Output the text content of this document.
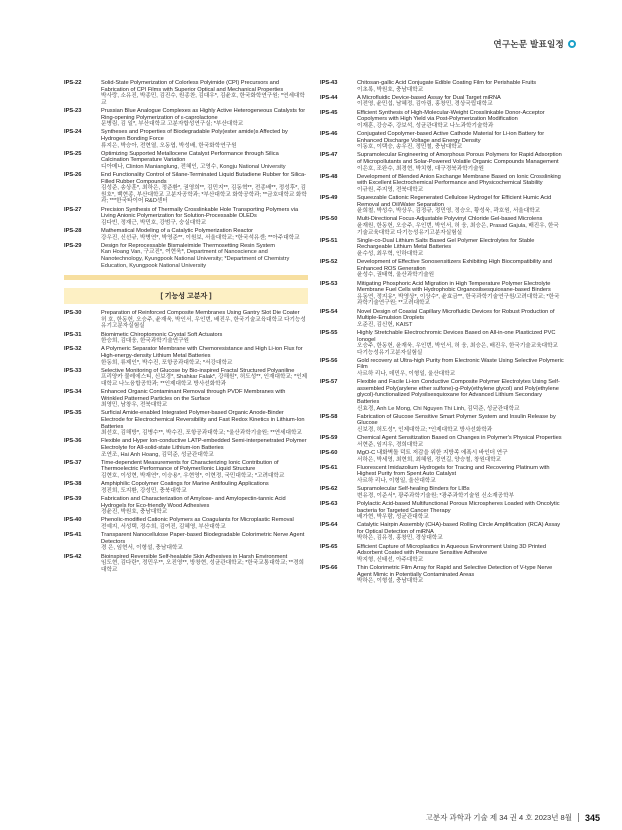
연구논문 발표일정
IPS-22	Solid-State Polymerization of Colorless Polyimide (CPI) Precursors and Fabrication of CPI Films with Superior Optical and Mechanical Properties
박사랑, 소유진, 박종민, 김진수, 원종찬, 김대우*, 김윤호, 한국화학연구원; *연세대학교
IPS-23	Prussian Blue Analogue Complexes as Highly Active Heterogeneous Catalysts for Ring-opening Polymerization of ε-caprolactone
문병림, 김 일*, 부산대학교 고분자합성연구실; *부산대학교
IPS-24	Syntheses and Properties of Biodegradable Poly(ester amide)s Affected by Hydrogen Bonding Force
류지은, 박승아, 전현열, 오동엽, 박성배, 한국화학연구원
IPS-25	Optimizing Supported Metallocene Catalyst Performance through Silica Calcination Temperature Variation
디아메나, Clinton Manianglung, 전혜인, 고영수, Kongju National University
IPS-26	End Functionality Control of Silane-Terminated Liquid Butadiene Rubber for Silica-Filled Rubber Compounds
김성준, 송상훈*, 최하은, 정준환*, 권영희**, 김민지**, 김동혁**, 전종배**, 정성후*, 김원호*, 백현종, 부산대학교 고분자공학과; *부산대학교 화학공학과; **금호대학교 화학과; ***한국타이어 R&D센터
IPS-27	Precision Synthesis of Thermally Crosslinkable Hole Transporting Polymers via Living Anionic Polymerization for Solution-Processable OLEDs
김다빈, 정재근, 박민호, 강범구, 숭실대학교
IPS-28	Mathematical Modeling of a Catalytic Polymerization Reactor
강우진, 신선규, 박병연*, 박영준**, 이원보, 서울대학교; *한국석유센; **아주대학교
IPS-29	Design for Reprocessable Bismaleimide Thermosetting Resin System
Kan Hoang Van, 구교진*, 여현욱*, Department of Nanoscience and Nanotechnology, Kyungpook National University; *Department of Chemistry Education, Kyungpook National University
[ 기능성 고분자 ]
IPS-30	Preparation of Reinforced Composite Membranes Using Gantry Slot Die Coater
허 호, 한동헌, 오승주, 윤재욱, 박인서, 우인번, 배진우, 한국기술교육대학교 다기능성유기고분자실험실
IPS-31	Biomimetic Chiroptomonic Crystal Soft Actuators
한승희, 김대웅, 한국과학기술연구원
IPS-32	A Polymeric Separator Membrane with Chemoresistance and High Li-ion Flux for High-energy-density Lithium Metal Batteries
한동희, 류제인*, 박수진, 포항공과대학교; *서강대학교
IPS-33	Selective Monitoring of Glucose by Bio-inspired Fractal Structured Polyaniline
프리양카 물레에스티, 신보경*, Shahkar Falak*, 강해원*, 허도성**, 인재대학교; *인제대학교 나노융합공학과; **인제대학교 방사선화학과
IPS-34	Enhanced Organic Contaminant Removal through PVDF Membranes with Wrinkled Patterned Particles on the Surface
최영민, 남창우, 전북대학교
IPS-35	Surficial Amide-enabled Integrated Polymer-based Organic Anode-Binder Electrode for Electrochemical Reversibility and Fast Redox Kinetics in Lithium-Ion Batteries
최선호, 김해방*, 김병수**, 박수진, 포항공과대학교; *울산과학기술원; **연세대학교
IPS-36	Flexible and Hyper Ion-conductive LATP-embedded Semi-interpenetrated Polymer Electrolyte for All-solid-state Lithium-ion Batteries
조연조, Hai Anh Hoang, 김덕준, 성균관대학교
IPS-37	Time-dependent Measurements for Characterizing Ionic Contribution of Thermoelectric Performance of Polymer/Ionic Liquid Structure
김현호, 이성현, 박재연*, 이승용*, 우현영*, 이현정, 국민대학교; *고려대학교
IPS-38	Amphiphilic Copolymer Coatings for Marine Antifouling Applications
정진희, 도지환, 강성민, 충북대학교
IPS-39	Fabrication and Characterization of Amylose- and Amylopectin-tannic Acid Hydrogels for Eco-friendly Wood Adhesives
정윤진, 박원호, 충남대학교
IPS-40	Phenolic-modified Cationic Polymers as Coagulants for Microplastic Removal
전예지, 서성택, 정수희, 김여진, 김혜영, 부산대학교
IPS-41	Transparent Nanocellulose Paper-based Biodegradable Colorimetric Nerve Agent Detectors
경 은, 임현서, 이형설, 충남대학교
IPS-42	Bioinspired Reversible Self-healable Skin Adhesives in Harsh Environment
임도현, 김다란*, 정민우**, 오진영**, 방창현, 성균관대학교; *한국교통대학교; **경희대학교
IPS-43	Chitosan-gallic Acid Conjugate Edible Coating Film for Perishable Fruits
이초록, 박원호, 충남대학교
IPS-44	A Microfluidic Device-based Assay for Dual Target miRNA
이전영, 윤민섭, 남혜정, 김아림, 홍창민, 경상국립대학교
IPS-45	Efficient Synthesis of High-Molecular-Weight Crosslinkable Donor-Acceptor Copolymers with High Yield via Post-Polymerization Modification
이재훈, 강승주, 강보석, 성균관대학교 나노과학기술학과
IPS-46	Conjugated Copolymer-based Active Cathode Material for Li-ion Battery for Enhanced Discharge Voltage and Energy Density
이동호, 이택승, 송우진, 정민철, 충남대학교
IPS-47	Supramolecular Engineering of Amorphous Porous Polymers for Rapid Adsorption of Micropollutants and Solar-Powered Volatile Organic Compounds Management
이은호, 조완수, 최경현, 박치형, 대구경북과학기술원
IPS-48	Development of Blended Anion Exchange Membrane Based on Ionic Crosslinking with Excellent Electrochemical Performance and Physicochemical Stability
이규원, 주지영, 전북대학교
IPS-49	Squeezable Cationic Regenerated Cellulose Hydrogel for Efficient Humic Acid Removal and Oil/Water Separation
윤희철, 박성수, 박상우, 김정규, 정민영, 정승오, 황성욱, 곽호원, 서울대학교
IPS-50	Multi-Directional Focus-Adjustable Polyvinyl Chloride Gel-based Microlens
윤재원, 한동헌, 오승주, 우인번, 박인서, 허 웅, 최승은, Prasad Gajula, 배진우, 한국기술교육대학교 다기능성유기고분자실험실
IPS-51	Single-co-Dual Lithium Salts Based Gel Polymer Electrolytes for Stable Rechargeable Lithium Metal Batteries
윤수성, 최우혁, 인하대학교
IPS-52	Development of Effective Sonosensitizers Exhibiting High Biocompatibility and Enhanced ROS Generation
윤성수, 권태혁, 울산과학기술원
IPS-53	Mitigating Phosphoric Acid Migration in High Temperature Polymer Electrolyte Membrane Fuel Cells with Hydrophobic Organosilsesquioxane-based Binders
유동연, 정지유*, 박영상*, 이상수*, 윤효금**, 한국과학기술연구원/고려대학교; *한국과학기술연구원; **고려대학교
IPS-54	Novel Design of Coaxial Capillary Microfluidic Devices for Robust Production of Multiple-Emulsion Droplets
오준진, 김신헌, KAIST
IPS-55	Highly Stretchable Electrochromic Devices Based on All-in-one Plasticized PVC Ionogel
오승주, 한동헌, 윤재욱, 우인번, 박인서, 허 웅, 최승은, 배진우, 한국기술교육대학교 다기능성유기고분자실험실
IPS-56	Gold recovery at Ultra-high Purity from Electronic Waste Using Selective Polymeric Film
사르하 리나, 데민우, 이형일, 울산대학교
IPS-57	Flexible and Facile Li-ion Conductive Composite Polymer Electrolytes Using Self-assembled Poly(arylene ether sulfone)-g-Poly(ethylene glycol) and Poly(ethylene glycol)-functionalized Polysilsesquioxane for Advanced Lithium Secondary Batteries
신효경, Anh Le Mong, Chi Nguyen Thi Linh, 김덕준, 성균관대학교
IPS-58	Fabrication of Glucose Sensitive Smart Polymer System and Insulin Release by Glucose
신보경, 허도성*, 인제대학교; *인제대학교 방사선화학과
IPS-59	Chemical Agent Sensitization Based on Changes in Polymer's Physical Properties
서현준, 임지우, 경희대학교
IPS-60	MgO-C 내화벽돌 덕트 저감을 위한 지방족 에폭시 바인더 연구
서하은, 박세영, 최현희, 최혜원, 정연길, 양승철, 창원대학교
IPS-61	Fluorescent Imidazolium Hydrogels for Tracing and Recovering Platinum with Highest Purity from Spent Auto Catalyst
사르하 리나, 이형일, 울산대학교
IPS-62	Supramolecular Self-healing Binders for LIBs
변유경, 이준서*, 광주과학기술원; *광주과학기술원 신소재공학부
IPS-63	Polylactic Acid-based Multifunctional Porous Microspheres Loaded with Oncolytic bacteria for Targeted Cancer Therapy
배가현, 박우람, 성균관대학교
IPS-64	Catalytic Hairpin Assembly (CHA)-based Rolling Circle Amplification (RCA) Assay for Optical Detection of miRNA
박하은, 김유정, 홍창민, 경상대학교
IPS-65	Efficient Capture of Microplastics in Aqueous Environment Using 3D Printed Adsorbent Coated with Pressure Sensitive Adhesive
박지형, 신태선, 아주대학교
IPS-66	Thin Colorimetric Film Array for Rapid and Selective Detection of V-type Nerve Agent Mimic in Potentially Contaminated Areas
박하은, 이형설, 충남대학교
고분자 과학과 기술 제 34 권 4 호 2023년 8월 345
